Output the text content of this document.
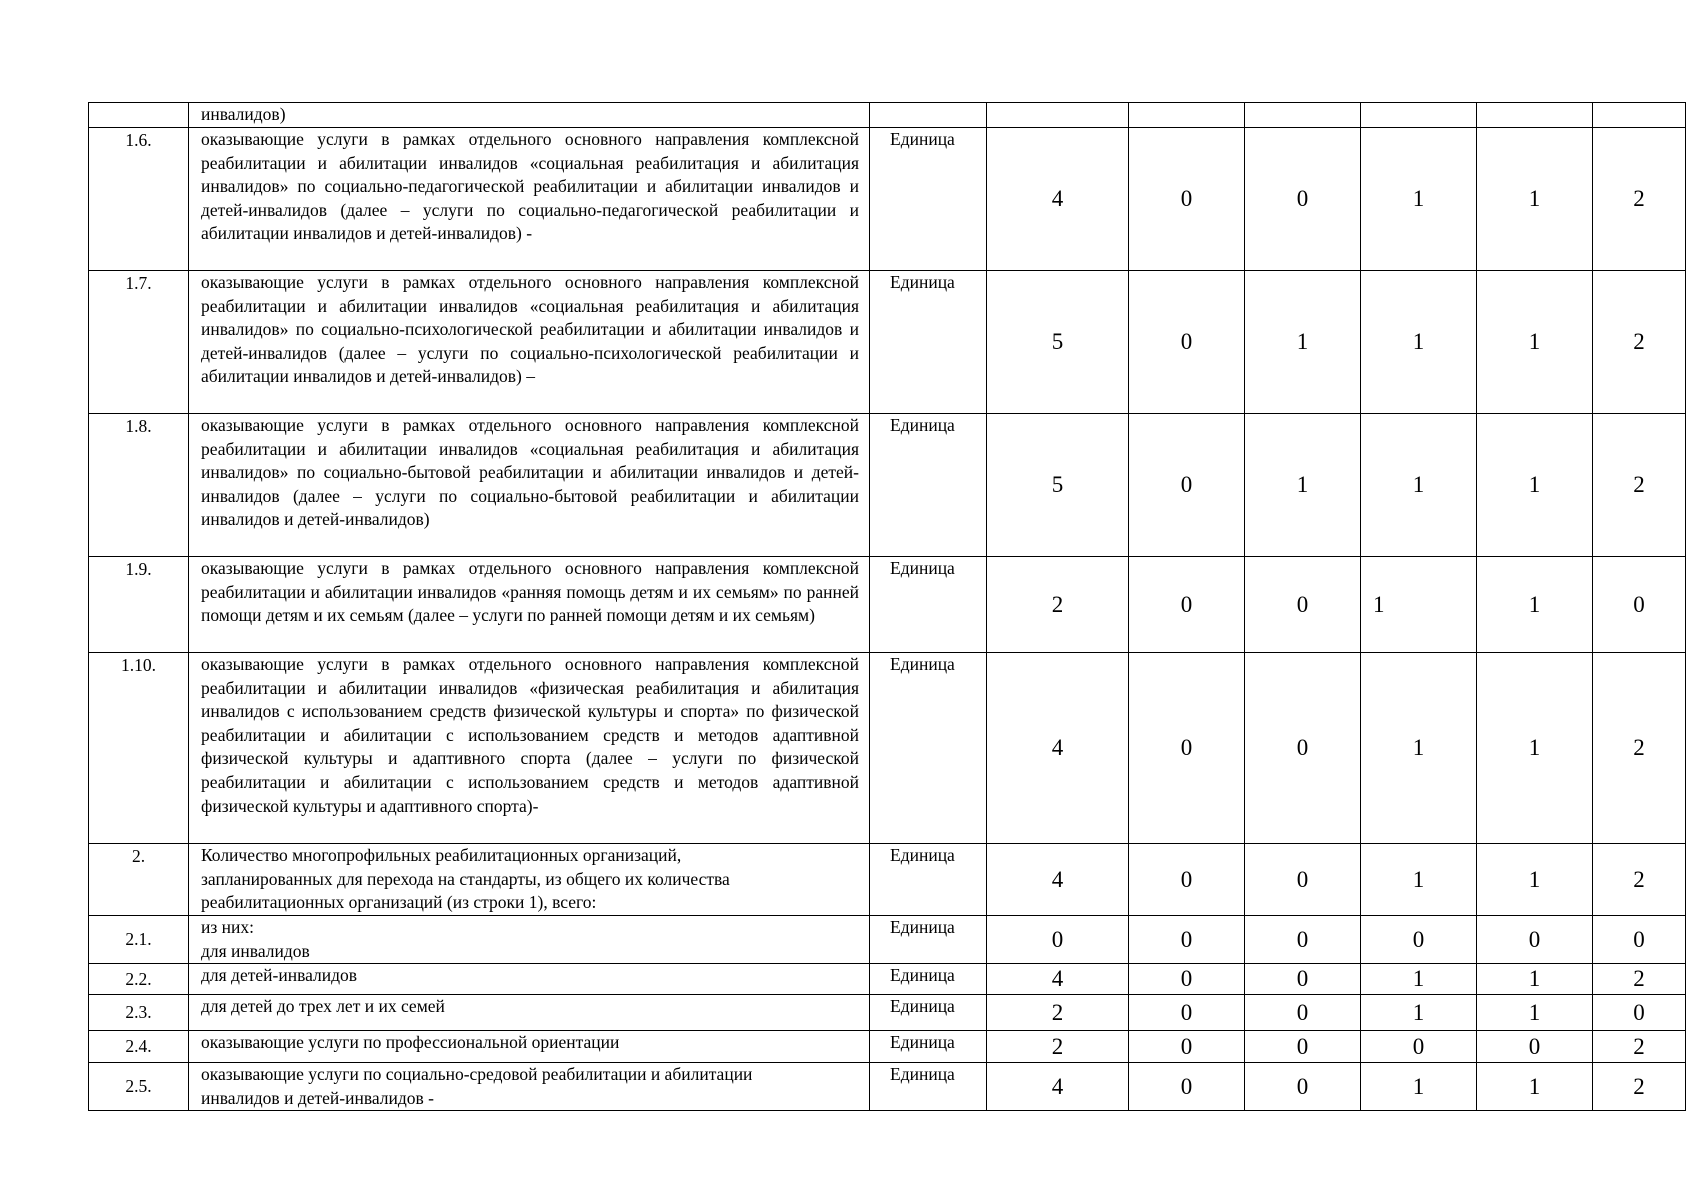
	инвалидов)							
1.6.	оказывающие услуги в рамках отдельного основного направления комплексной реабилитации и абилитации инвалидов «социальная реабилитация и абилитация инвалидов» по социально-педагогической реабилитации и абилитации инвалидов и детей-инвалидов (далее – услуги по социально-педагогической реабилитации и абилитации инвалидов и детей-инвалидов) -	Единица	4	0	0	1	1	2
1.7.	оказывающие услуги в рамках отдельного основного направления комплексной реабилитации и абилитации инвалидов «социальная реабилитация и абилитация инвалидов» по социально-психологической реабилитации и абилитации инвалидов и детей-инвалидов (далее – услуги по социально-психологической реабилитации и абилитации инвалидов и детей-инвалидов) –	Единица	5	0	1	1	1	2
1.8.	оказывающие услуги в рамках отдельного основного направления комплексной реабилитации и абилитации инвалидов «социальная реабилитация и абилитация инвалидов» по социально-бытовой реабилитации и абилитации инвалидов и детей-инвалидов (далее – услуги по социально-бытовой реабилитации и абилитации инвалидов и детей-инвалидов)	Единица	5	0	1	1	1	2
1.9.	оказывающие услуги в рамках отдельного основного направления комплексной реабилитации и абилитации инвалидов «ранняя помощь детям и их семьям» по ранней помощи детям и их семьям (далее – услуги по ранней помощи детям и их семьям)	Единица	2	0	0	1	1	0
1.10.	оказывающие услуги в рамках отдельного основного направления комплексной реабилитации и абилитации инвалидов «физическая реабилитация и абилитация инвалидов с использованием средств физической культуры и спорта» по физической реабилитации и абилитации с использованием средств и методов адаптивной физической культуры и адаптивного спорта (далее – услуги по физической реабилитации и абилитации с использованием средств и методов адаптивной физической культуры и адаптивного спорта)-	Единица	4	0	0	1	1	2
2.	Количество многопрофильных реабилитационных организаций,
запланированных для перехода на стандарты, из общего их количества
реабилитационных организаций (из строки 1), всего:	Единица	4	0	0	1	1	2
2.1.	из них:
для инвалидов	Единица	0	0	0	0	0	0
2.2.	для детей-инвалидов	Единица	4	0	0	1	1	2
2.3.	для детей до трех лет и их семей	Единица	2	0	0	1	1	0
2.4.	оказывающие услуги по профессиональной ориентации	Единица	2	0	0	0	0	2
2.5.	оказывающие услуги по социально-средовой реабилитации и абилитации
инвалидов и детей-инвалидов -	Единица	4	0	0	1	1	2
